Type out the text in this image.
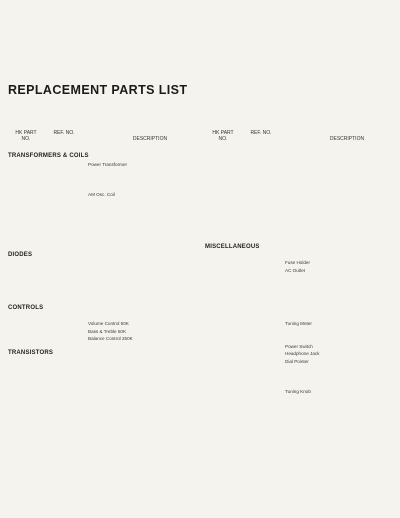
REPLACEMENT PARTS LIST
HK PART NO.
REF. NO.
DESCRIPTION
TRANSFORMERS & COILS
Power Transformer
AM Osc. Coil
DIODES
CONTROLS
Volume Control 50K
Bass & Treble 50K
Balance Control 250K
TRANSISTORS
HK PART NO.
REF. NO.
DESCRIPTION
MISCELLANEOUS
Fuse Holder
AC Outlet
Tuning Meter
Power Switch
Headphone Jack
Dial Pointer
Tuning Knob
